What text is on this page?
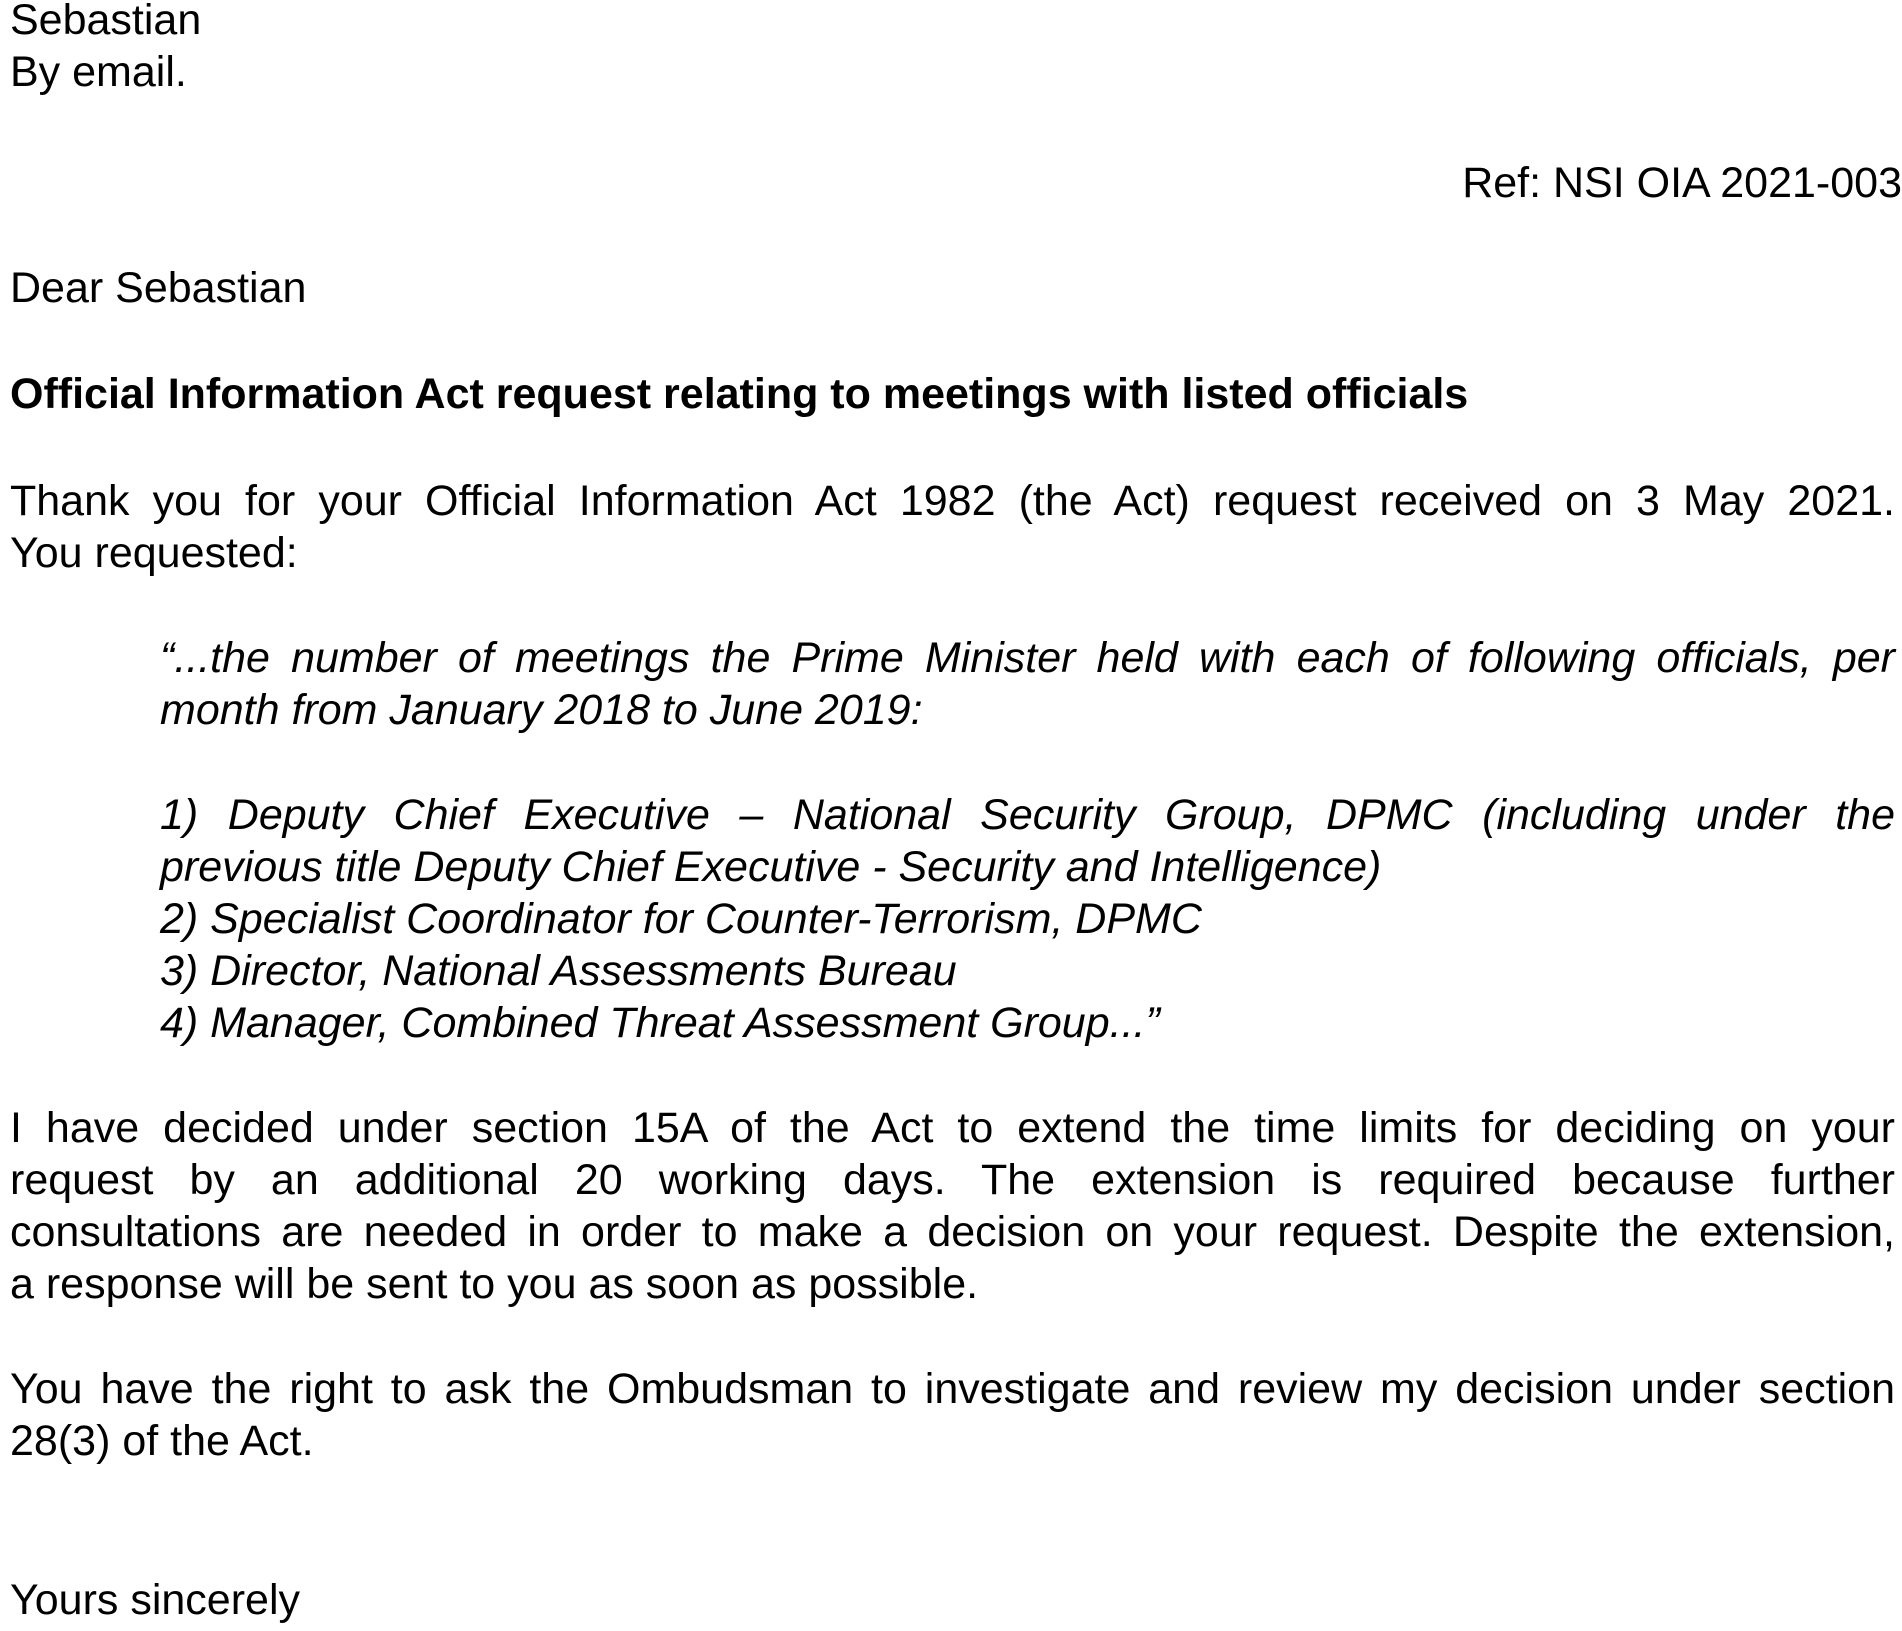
Sebastian
By email.
Ref: NSI OIA 2021-003
Dear Sebastian
Official Information Act request relating to meetings with listed officials
Thank you for your Official Information Act 1982 (the Act) request received on 3 May 2021.
You requested:
“...the number of meetings the Prime Minister held with each of following officials, per
month from January 2018 to June 2019:
1) Deputy Chief Executive – National Security Group, DPMC (including under the
previous title Deputy Chief Executive - Security and Intelligence)
2) Specialist Coordinator for Counter-Terrorism, DPMC
3) Director, National Assessments Bureau
4) Manager, Combined Threat Assessment Group...”
I have decided under section 15A of the Act to extend the time limits for deciding on your
request by an additional 20 working days. The extension is required because further
consultations are needed in order to make a decision on your request. Despite the extension,
a response will be sent to you as soon as possible.
You have the right to ask the Ombudsman to investigate and review my decision under section
28(3) of the Act.
Yours sincerely
